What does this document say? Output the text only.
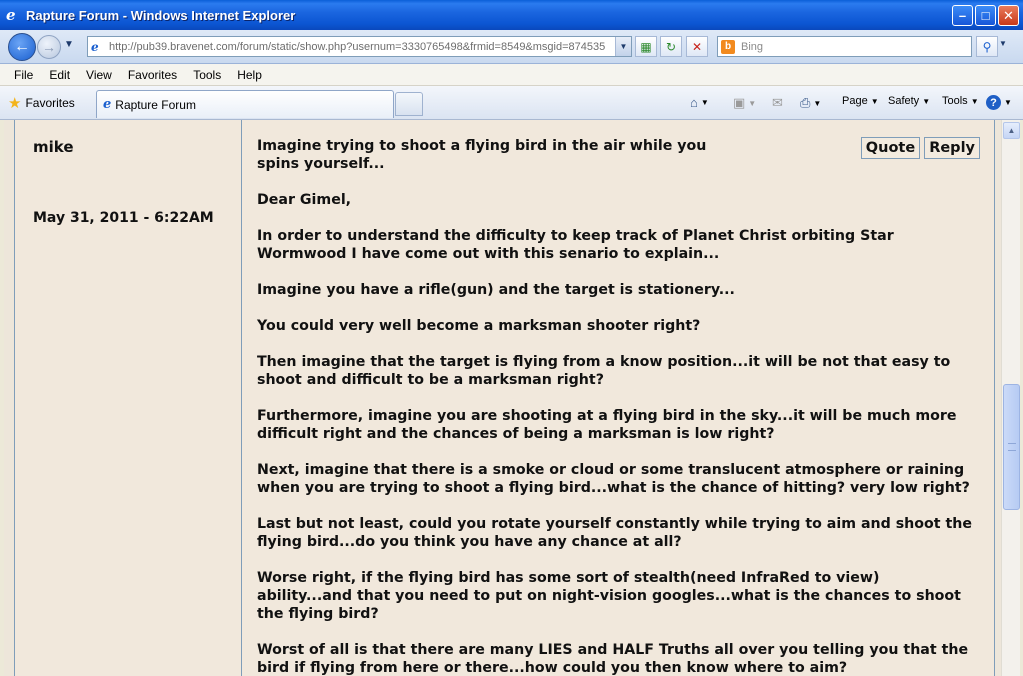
e Rapture Forum - Windows Internet Explorer	–	□	✕
← → ▼ e http://pub39.bravenet.com/forum/static/show.php?usernum=3330765498&frmid=8549&msgid=874535	▼ ▦ ↻ ✕	b Bing	⚲ ▼
File	Edit	View	Favorites	Tools	Help
★ Favorites e Rapture Forum	⌂ ▼ ▣ ▼ ✉ ⎙ ▼ Page ▼ Safety ▼ Tools ▼	? ▼
mike
May 31, 2011 - 6:22AM
Quote Reply

Imagine trying to shoot a flying bird in the air while you spins yourself...

Dear Gimel,

In order to understand the difficulty to keep track of Planet Christ orbiting Star Wormwood I have come out with this senario to explain...

Imagine you have a rifle(gun) and the target is stationery...

You could very well become a marksman shooter right?

Then imagine that the target is flying from a know position...it will be not that easy to shoot and difficult to be a marksman right?

Furthermore, imagine you are shooting at a flying bird in the sky...it will be much more difficult right and the chances of being a marksman is low right?

Next, imagine that there is a smoke or cloud or some translucent atmosphere or raining when you are trying to shoot a flying bird...what is the chance of hitting? very low right?

Last but not least, could you rotate yourself constantly while trying to aim and shoot the flying bird...do you think you have any chance at all?

Worse right, if the flying bird has some sort of stealth(need InfraRed to view) ability...and that you need to put on night-vision googles...what is the chances to shoot the flying bird?

Worst of all is that there are many LIES and HALF Truths all over you telling you that the bird if flying from here or there...how could you then know where to aim?

▲
